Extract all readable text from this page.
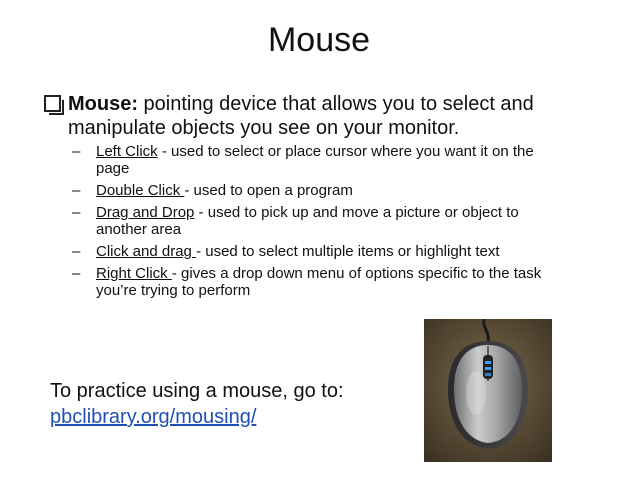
Mouse
Mouse: pointing device that allows you to select and manipulate objects you see on your monitor.
– Left Click - used to select or place cursor where you want it on the page
– Double Click - used to open a program
– Drag and Drop - used to pick up and move a picture or object to another area
– Click and drag - used to select multiple items or highlight text
– Right Click - gives a drop down menu of options specific to the task you’re trying to perform
To practice using a mouse, go to:
pbclibrary.org/mousing/
